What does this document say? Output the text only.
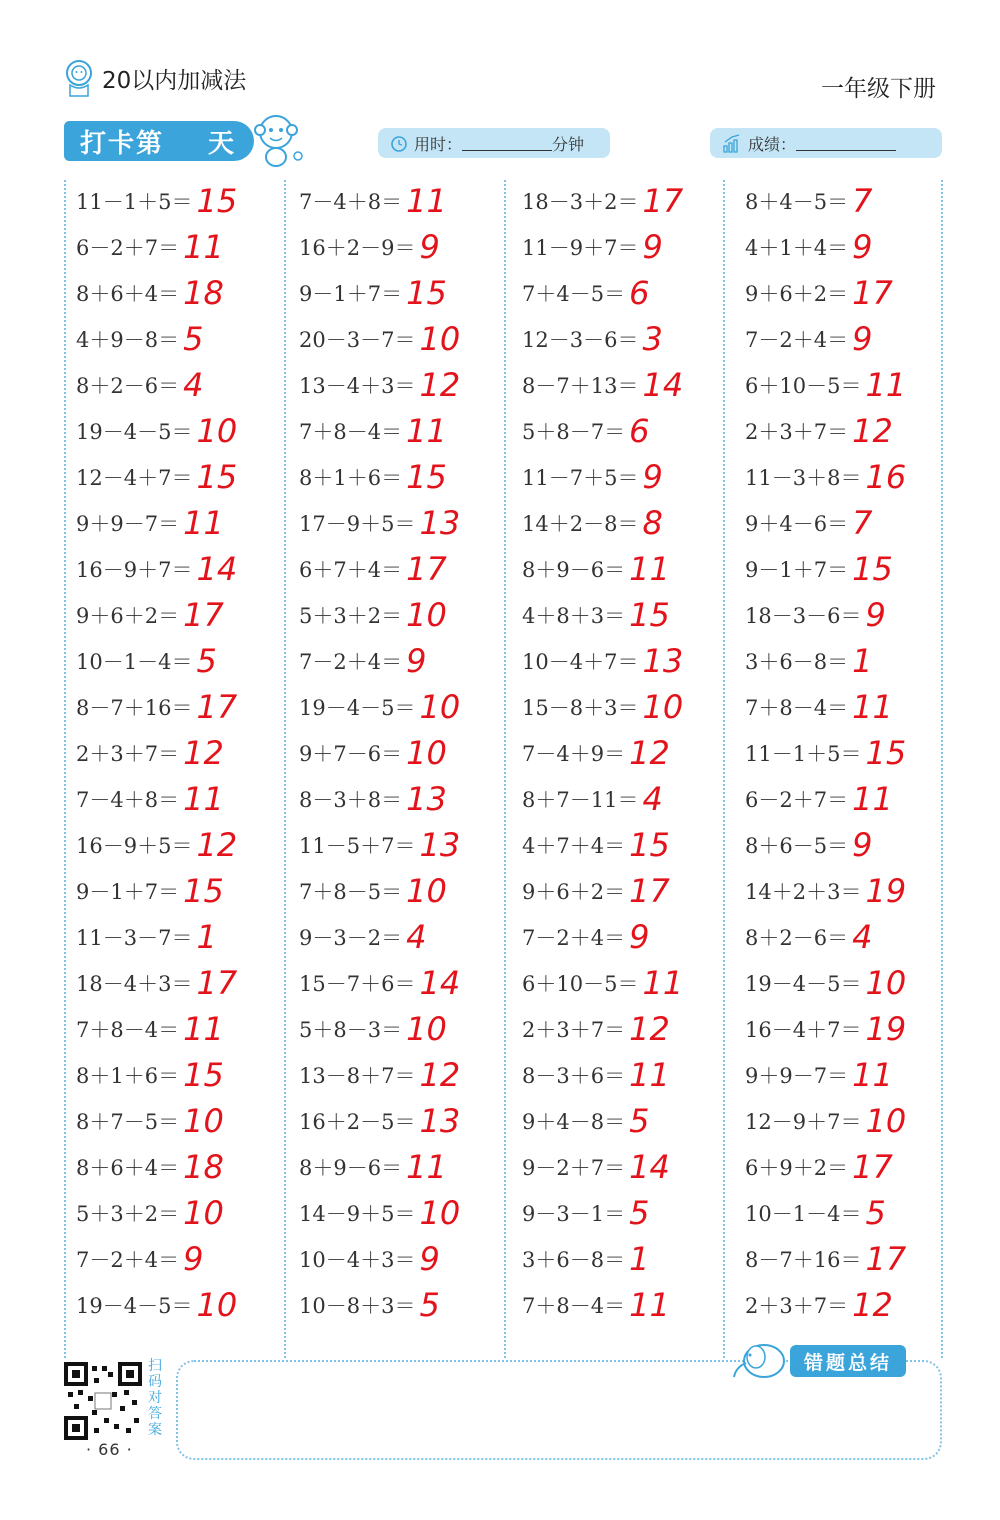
20以内加减法	一年级下册
打卡第 天	用时：	分钟	成绩：
11－1＋5＝ 15
6－2＋7＝ 11
8＋6＋4＝ 18
4＋9－8＝ 5
8＋2－6＝ 4
19－4－5＝ 10
12－4＋7＝ 15
9＋9－7＝ 11
16－9＋7＝ 14
9＋6＋2＝ 17
10－1－4＝ 5
8－7＋16＝ 17
2＋3＋7＝ 12
7－4＋8＝ 11
16－9＋5＝ 12
9－1＋7＝ 15
11－3－7＝ 1
18－4＋3＝ 17
7＋8－4＝ 11
8＋1＋6＝ 15
8＋7－5＝ 10
8＋6＋4＝ 18
5＋3＋2＝ 10
7－2＋4＝ 9
19－4－5＝ 10
7－4＋8＝ 11
16＋2－9＝ 9
9－1＋7＝ 15
20－3－7＝ 10
13－4＋3＝ 12
7＋8－4＝ 11
8＋1＋6＝ 15
17－9＋5＝ 13
6＋7＋4＝ 17
5＋3＋2＝ 10
7－2＋4＝ 9
19－4－5＝ 10
9＋7－6＝ 10
8－3＋8＝ 13
11－5＋7＝ 13
7＋8－5＝ 10
9－3－2＝ 4
15－7＋6＝ 14
5＋8－3＝ 10
13－8＋7＝ 12
16＋2－5＝ 13
8＋9－6＝ 11
14－9＋5＝ 10
10－4＋3＝ 9
10－8＋3＝ 5
18－3＋2＝ 17
11－9＋7＝ 9
7＋4－5＝ 6
12－3－6＝ 3
8－7＋13＝ 14
5＋8－7＝ 6
11－7＋5＝ 9
14＋2－8＝ 8
8＋9－6＝ 11
4＋8＋3＝ 15
10－4＋7＝ 13
15－8＋3＝ 10
7－4＋9＝ 12
8＋7－11＝ 4
4＋7＋4＝ 15
9＋6＋2＝ 17
7－2＋4＝ 9
6＋10－5＝ 11
2＋3＋7＝ 12
8－3＋6＝ 11
9＋4－8＝ 5
9－2＋7＝ 14
9－3－1＝ 5
3＋6－8＝ 1
7＋8－4＝ 11
8＋4－5＝ 7
4＋1＋4＝ 9
9＋6＋2＝ 17
7－2＋4＝ 9
6＋10－5＝ 11
2＋3＋7＝ 12
11－3＋8＝ 16
9＋4－6＝ 7
9－1＋7＝ 15
18－3－6＝ 9
3＋6－8＝ 1
7＋8－4＝ 11
11－1＋5＝ 15
6－2＋7＝ 11
8＋6－5＝ 9
14＋2＋3＝ 19
8＋2－6＝ 4
19－4－5＝ 10
16－4＋7＝ 19
9＋9－7＝ 11
12－9＋7＝ 10
6＋9＋2＝ 17
10－1－4＝ 5
8－7＋16＝ 17
2＋3＋7＝ 12
错题总结
扫码对答案
· 66 ·
